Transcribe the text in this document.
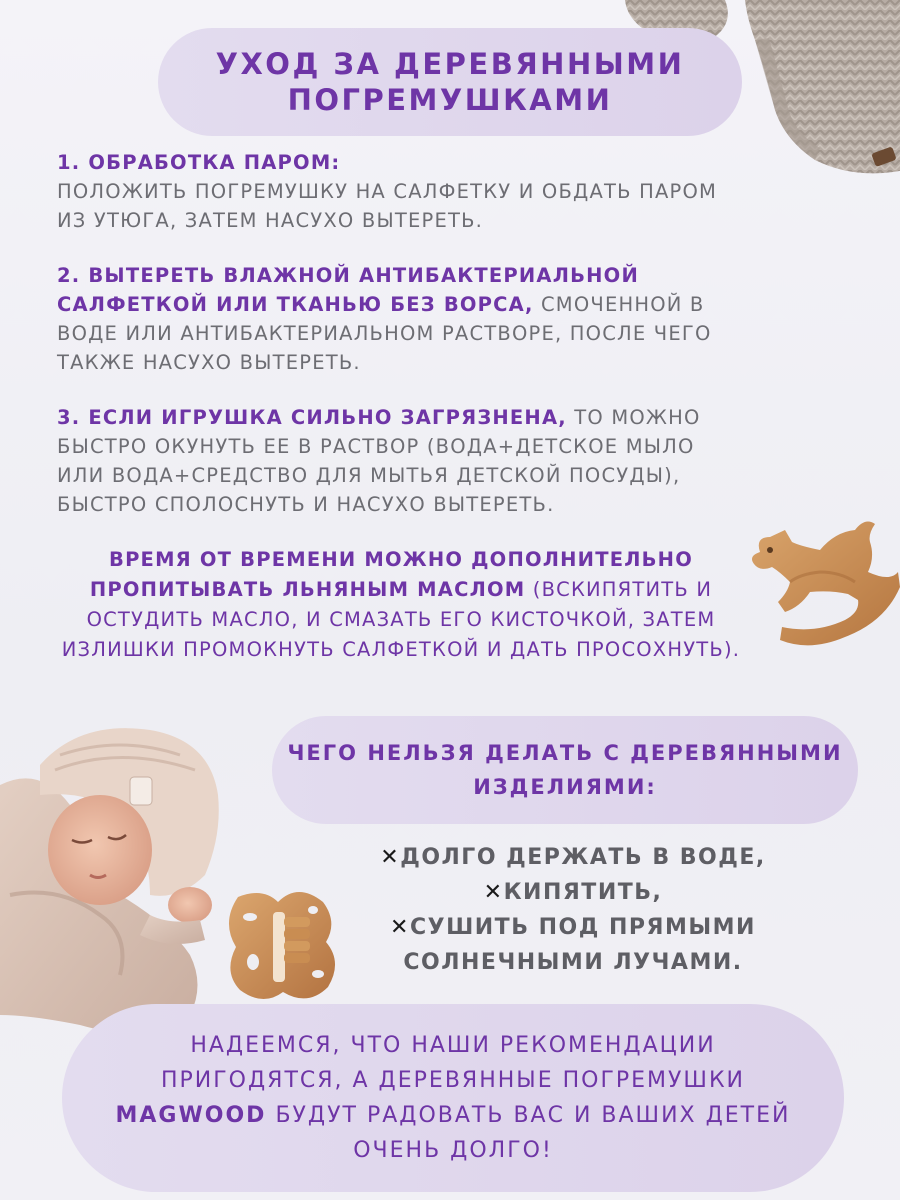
УХОД ЗА ДЕРЕВЯННЫМИ
ПОГРЕМУШКАМИ

1. ОБРАБОТКА ПАРОМ:
ПОЛОЖИТЬ ПОГРЕМУШКУ НА САЛФЕТКУ И ОБДАТЬ ПАРОМ ИЗ УТЮГА, ЗАТЕМ НАСУХО ВЫТЕРЕТЬ.

2. ВЫТЕРЕТЬ ВЛАЖНОЙ АНТИБАКТЕРИАЛЬНОЙ САЛФЕТКОЙ ИЛИ ТКАНЬЮ БЕЗ ВОРСА, СМОЧЕННОЙ В ВОДЕ ИЛИ АНТИБАКТЕРИАЛЬНОМ РАСТВОРЕ, ПОСЛЕ ЧЕГО ТАКЖЕ НАСУХО ВЫТЕРЕТЬ.

3. ЕСЛИ ИГРУШКА СИЛЬНО ЗАГРЯЗНЕНА, ТО МОЖНО БЫСТРО ОКУНУТЬ ЕЕ В РАСТВОР (ВОДА+ДЕТСКОЕ МЫЛО ИЛИ ВОДА+СРЕДСТВО ДЛЯ МЫТЬЯ ДЕТСКОЙ ПОСУДЫ), БЫСТРО СПОЛОСНУТЬ И НАСУХО ВЫТЕРЕТЬ.

ВРЕМЯ ОТ ВРЕМЕНИ МОЖНО ДОПОЛНИТЕЛЬНО ПРОПИТЫВАТЬ ЛЬНЯНЫМ МАСЛОМ (ВСКИПЯТИТЬ И ОСТУДИТЬ МАСЛО, И СМАЗАТЬ ЕГО КИСТОЧКОЙ, ЗАТЕМ ИЗЛИШКИ ПРОМОКНУТЬ САЛФЕТКОЙ И ДАТЬ ПРОСОХНУТЬ).
ЧЕГО НЕЛЬЗЯ ДЕЛАТЬ С ДЕРЕВЯННЫМИ
ИЗДЕЛИЯМИ:
✕ДОЛГО ДЕРЖАТЬ В ВОДЕ,
✕КИПЯТИТЬ,
✕СУШИТЬ ПОД ПРЯМЫМИ
СОЛНЕЧНЫМИ ЛУЧАМИ.
НАДЕЕМСЯ, ЧТО НАШИ РЕКОМЕНДАЦИИ
ПРИГОДЯТСЯ, А ДЕРЕВЯННЫЕ ПОГРЕМУШКИ
MAGWOOD БУДУТ РАДОВАТЬ ВАС И ВАШИХ ДЕТЕЙ
ОЧЕНЬ ДОЛГО!
